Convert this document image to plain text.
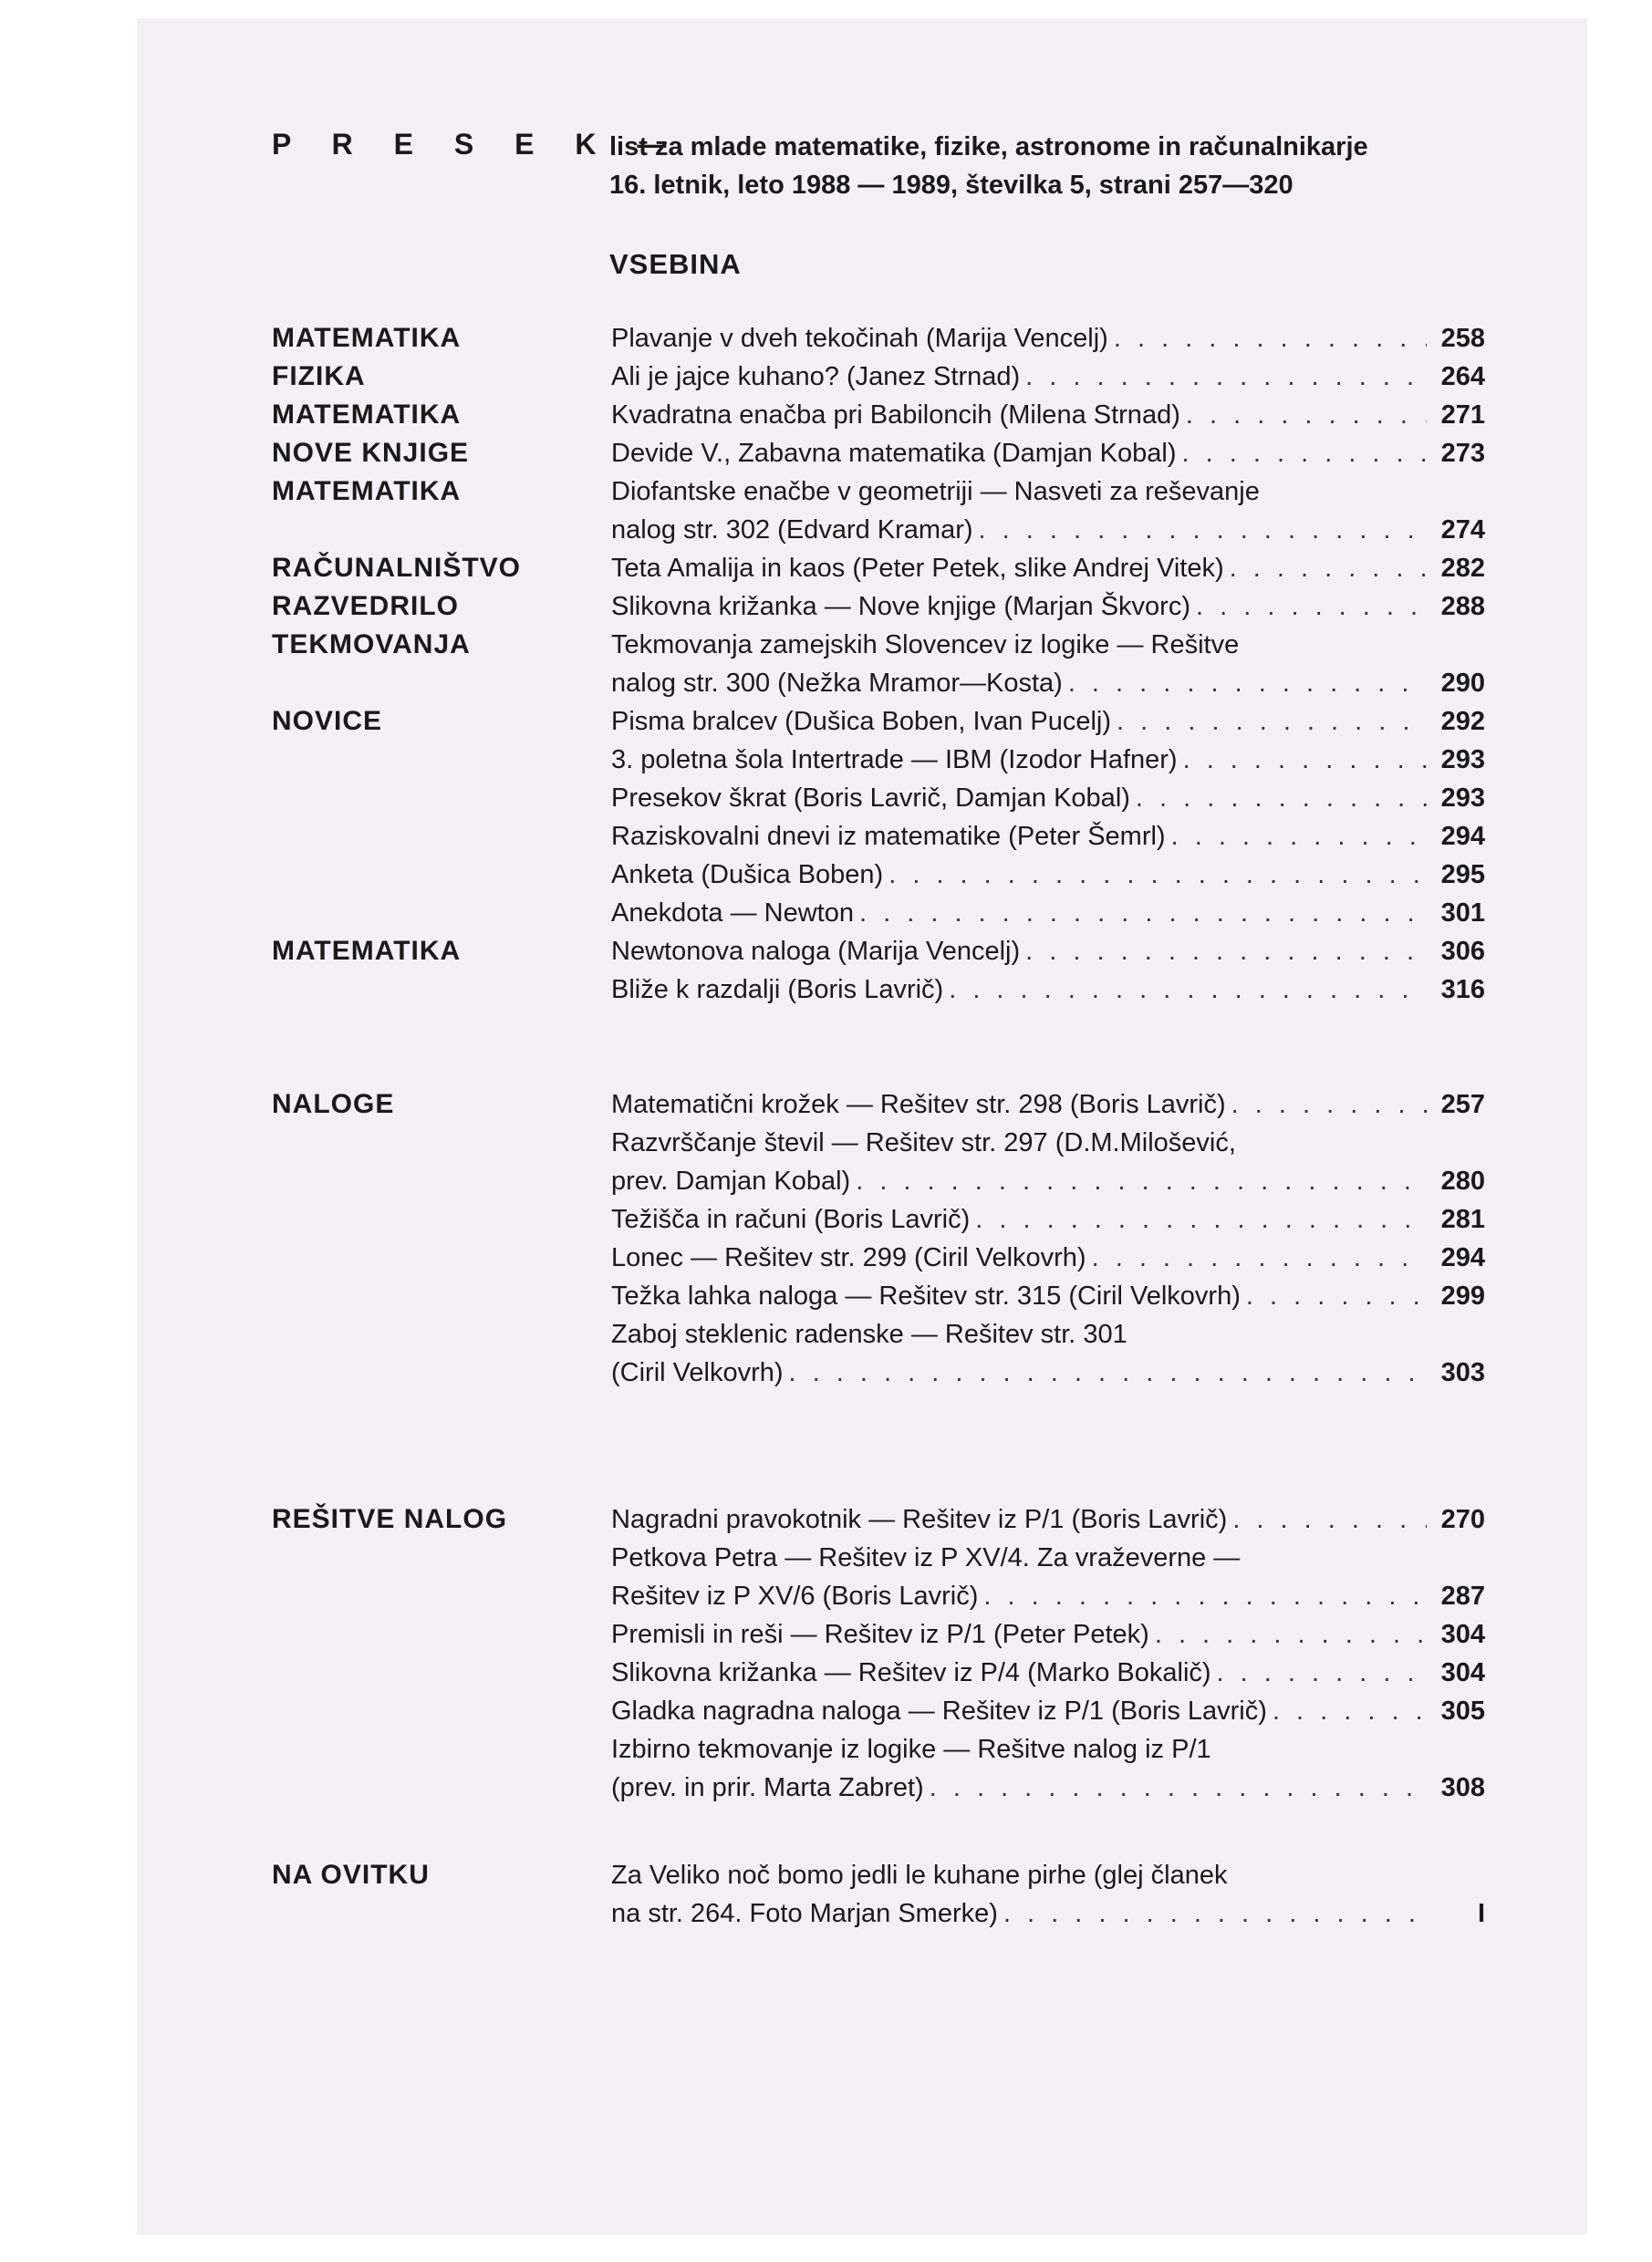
P R E S E K —
list za mlade matematike, fizike, astronome in računalnikarje
16. letnik, leto 1988 — 1989, številka 5, strani 257—320
VSEBINA
MATEMATIKA	Plavanje v dveh tekočinah (Marija Vencelj) . . .	258
FIZIKA	Ali je jajce kuhano? (Janez Strnad) . . .	264
MATEMATIKA	Kvadratna enačba pri Babiloncih (Milena Strnad) . . .	271
NOVE KNJIGE	Devide V., Zabavna matematika (Damjan Kobal) . . .	273
MATEMATIKA	Diofantske enačbe v geometriji — Nasveti za reševanje
nalog str. 302 (Edvard Kramar) . . .	274
RAČUNALNIŠTVO	Teta Amalija in kaos (Peter Petek, slike Andrej Vitek) . . .	282
RAZVEDRILO	Slikovna križanka — Nove knjige (Marjan Škvorc) . . .	288
TEKMOVANJA	Tekmovanja zamejskih Slovencev iz logike — Rešitve
nalog str. 300 (Nežka Mramor—Kosta) . . .	290
NOVICE	Pisma bralcev (Dušica Boben, Ivan Pucelj) . . .	292
3. poletna šola Intertrade — IBM (Izodor Hafner) . . .	293
Presekov škrat (Boris Lavrič, Damjan Kobal) . . .	293
Raziskovalni dnevi iz matematike (Peter Šemrl) . . .	294
Anketa (Dušica Boben) . . .	295
Anekdota — Newton . . .	301
MATEMATIKA	Newtonova naloga (Marija Vencelj) . . .	306
Bliže k razdalji (Boris Lavrič) . . .	316
NALOGE	Matematični krožek — Rešitev str. 298 (Boris Lavrič) . . .	257
Razvrščanje števil — Rešitev str. 297 (D.M.Milošević,
prev. Damjan Kobal) . . .	280
Težišča in računi (Boris Lavrič) . . .	281
Lonec — Rešitev str. 299 (Ciril Velkovrh) . . .	294
Težka lahka naloga — Rešitev str. 315 (Ciril Velkovrh) . . .	299
Zaboj steklenic radenske — Rešitev str. 301
(Ciril Velkovrh) . . .	303
REŠITVE NALOG	Nagradni pravokotnik — Rešitev iz P/1 (Boris Lavrič) . . .	270
Petkova Petra — Rešitev iz P XV/4. Za vraževerne —
Rešitev iz P XV/6 (Boris Lavrič) . . .	287
Premisli in reši — Rešitev iz P/1 (Peter Petek) . . .	304
Slikovna križanka — Rešitev iz P/4 (Marko Bokalič) . . .	304
Gladka nagradna naloga — Rešitev iz P/1 (Boris Lavrič) . . .	305
Izbirno tekmovanje iz logike — Rešitve nalog iz P/1
(prev. in prir. Marta Zabret) . . .	308
NA OVITKU	Za Veliko noč bomo jedli le kuhane pirhe (glej članek
na str. 264. Foto Marjan Smerke) . . .	I
